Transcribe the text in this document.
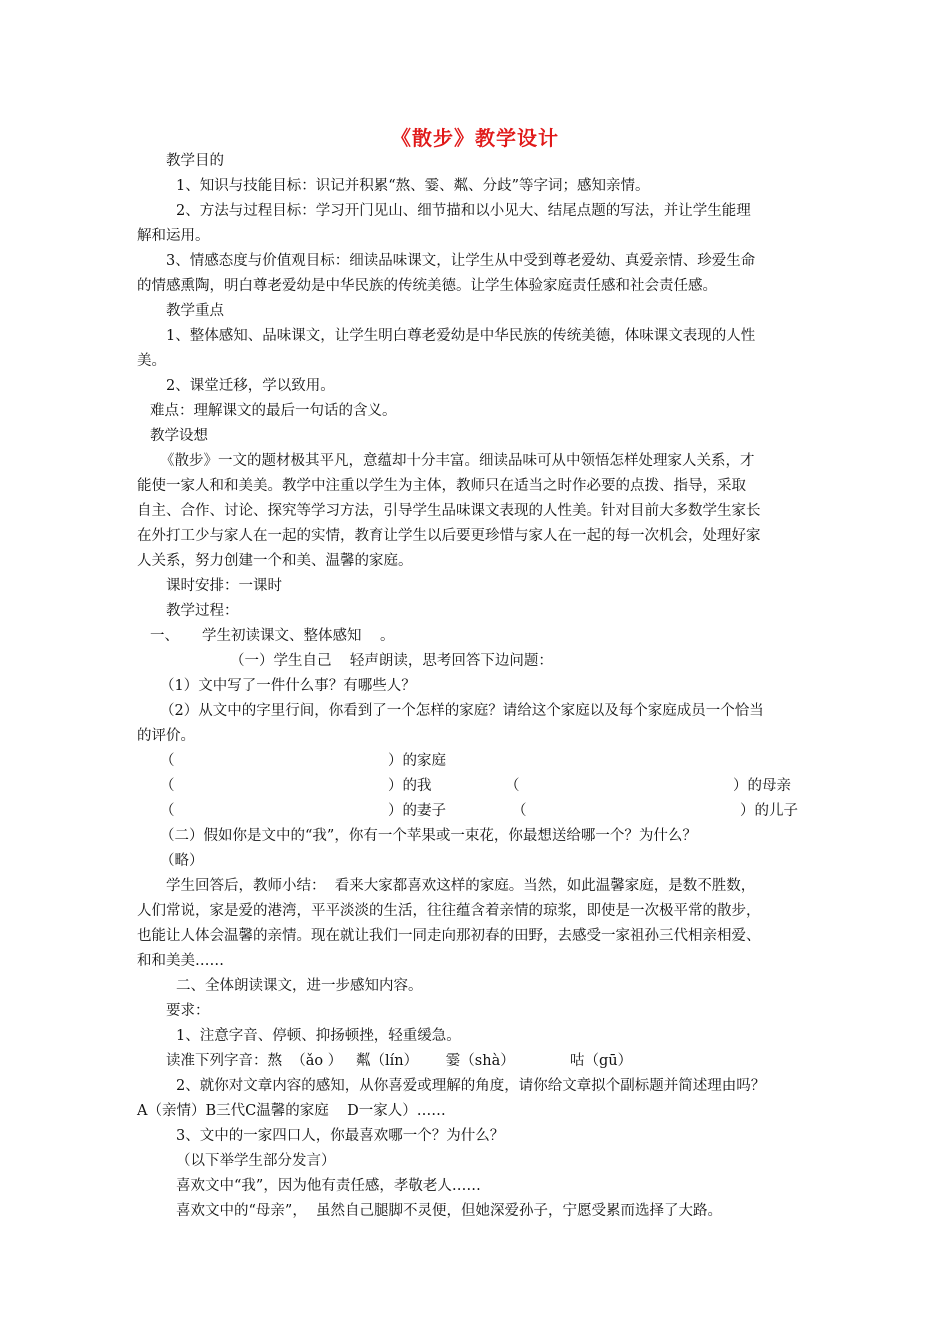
《散步》教学设计
教学目的
1、知识与技能目标：识记并积累“熬、霎、粼、分歧”等字词；感知亲情。
2、方法与过程目标：学习开门见山、细节描和以小见大、结尾点题的写法，并让学生能理
解和运用。
3、情感态度与价值观目标：细读品味课文，让学生从中受到尊老爱幼、真爱亲情、珍爱生命
的情感熏陶，明白尊老爱幼是中华民族的传统美德。让学生体验家庭责任感和社会责任感。
教学重点
1、整体感知、品味课文，让学生明白尊老爱幼是中华民族的传统美德，体味课文表现的人性
美。
2、课堂迁移，学以致用。
难点：理解课文的最后一句话的含义。
教学设想
《散步》一文的题材极其平凡，意蕴却十分丰富。细读品味可从中领悟怎样处理家人关系，才
能使一家人和和美美。教学中注重以学生为主体，教师只在适当之时作必要的点拨、指导，采取
自主、合作、讨论、探究等学习方法，引导学生品味课文表现的人性美。针对目前大多数学生家长
在外打工少与家人在一起的实情，教育让学生以后要更珍惜与家人在一起的每一次机会，处理好家
人关系，努力创建一个和美、温馨的家庭。
课时安排：一课时
教学过程：
一、     学生初读课文、整体感知    。
（一）学生自己    轻声朗读，思考回答下边问题：
（1）文中写了一件什么事？有哪些人？
（2）从文中的字里行间，你看到了一个怎样的家庭？请给这个家庭以及每个家庭成员一个恰当
的评价。
（	）的家庭
（	）的我	（	）的母亲
（	）的妻子	（	）的儿子
（二）假如你是文中的“我”，你有一个苹果或一束花，你最想送给哪一个？为什么？
（略）
学生回答后，教师小结：  看来大家都喜欢这样的家庭。当然，如此温馨家庭，是数不胜数，
人们常说，家是爱的港湾，平平淡淡的生活，往往蕴含着亲情的琼浆，即使是一次极平常的散步，
也能让人体会温馨的亲情。现在就让我们一同走向那初春的田野，去感受一家祖孙三代相亲相爱、
和和美美……
二、全体朗读课文，进一步感知内容。
要求：
1、注意字音、停顿、抑扬顿挫，轻重缓急。
读准下列字音：熬  （ǎo ）   粼（lín）      霎（shà）            咕（gū）
2、就你对文章内容的感知，从你喜爱或理解的角度，请你给文章拟个副标题并简述理由吗？
A（亲情）B三代C温馨的家庭    D一家人）……
3、文中的一家四口人，你最喜欢哪一个？为什么？
（以下举学生部分发言）
喜欢文中“我”，因为他有责任感，孝敬老人……
喜欢文中的“母亲”，  虽然自己腿脚不灵便，但她深爱孙子，宁愿受累而选择了大路。
